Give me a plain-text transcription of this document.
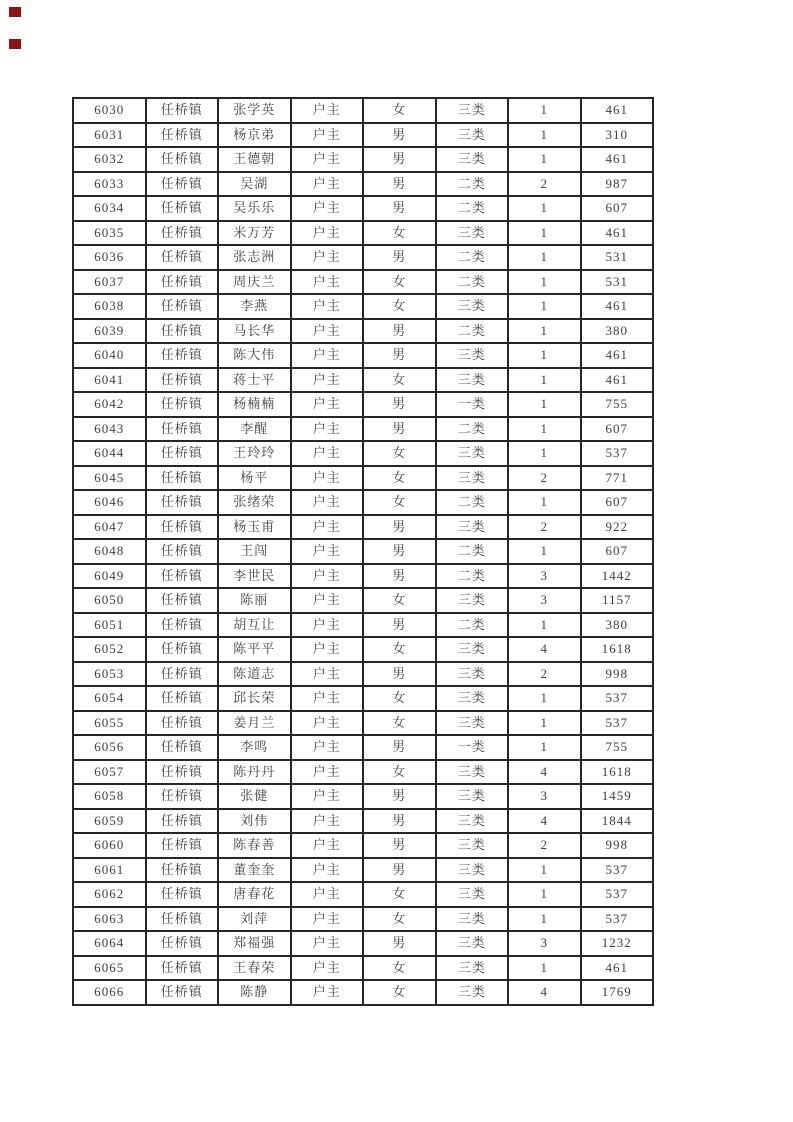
6030	任桥镇	张学英	户主	女	三类	1	461
6031	任桥镇	杨京弟	户主	男	三类	1	310
6032	任桥镇	王德朝	户主	男	三类	1	461
6033	任桥镇	吴湖	户主	男	二类	2	987
6034	任桥镇	吴乐乐	户主	男	二类	1	607
6035	任桥镇	米万芳	户主	女	三类	1	461
6036	任桥镇	张志洲	户主	男	二类	1	531
6037	任桥镇	周庆兰	户主	女	二类	1	531
6038	任桥镇	李燕	户主	女	三类	1	461
6039	任桥镇	马长华	户主	男	二类	1	380
6040	任桥镇	陈大伟	户主	男	三类	1	461
6041	任桥镇	蒋士平	户主	女	三类	1	461
6042	任桥镇	杨楠楠	户主	男	一类	1	755
6043	任桥镇	李醒	户主	男	二类	1	607
6044	任桥镇	王玲玲	户主	女	三类	1	537
6045	任桥镇	杨平	户主	女	三类	2	771
6046	任桥镇	张绪荣	户主	女	二类	1	607
6047	任桥镇	杨玉甫	户主	男	三类	2	922
6048	任桥镇	王闯	户主	男	二类	1	607
6049	任桥镇	李世民	户主	男	二类	3	1442
6050	任桥镇	陈丽	户主	女	三类	3	1157
6051	任桥镇	胡互让	户主	男	二类	1	380
6052	任桥镇	陈平平	户主	女	三类	4	1618
6053	任桥镇	陈道志	户主	男	三类	2	998
6054	任桥镇	邱长荣	户主	女	三类	1	537
6055	任桥镇	姜月兰	户主	女	三类	1	537
6056	任桥镇	李鸣	户主	男	一类	1	755
6057	任桥镇	陈丹丹	户主	女	三类	4	1618
6058	任桥镇	张健	户主	男	三类	3	1459
6059	任桥镇	刘伟	户主	男	三类	4	1844
6060	任桥镇	陈春善	户主	男	三类	2	998
6061	任桥镇	董奎奎	户主	男	三类	1	537
6062	任桥镇	唐春花	户主	女	三类	1	537
6063	任桥镇	刘萍	户主	女	三类	1	537
6064	任桥镇	郑福强	户主	男	三类	3	1232
6065	任桥镇	王春荣	户主	女	三类	1	461
6066	任桥镇	陈静	户主	女	三类	4	1769
